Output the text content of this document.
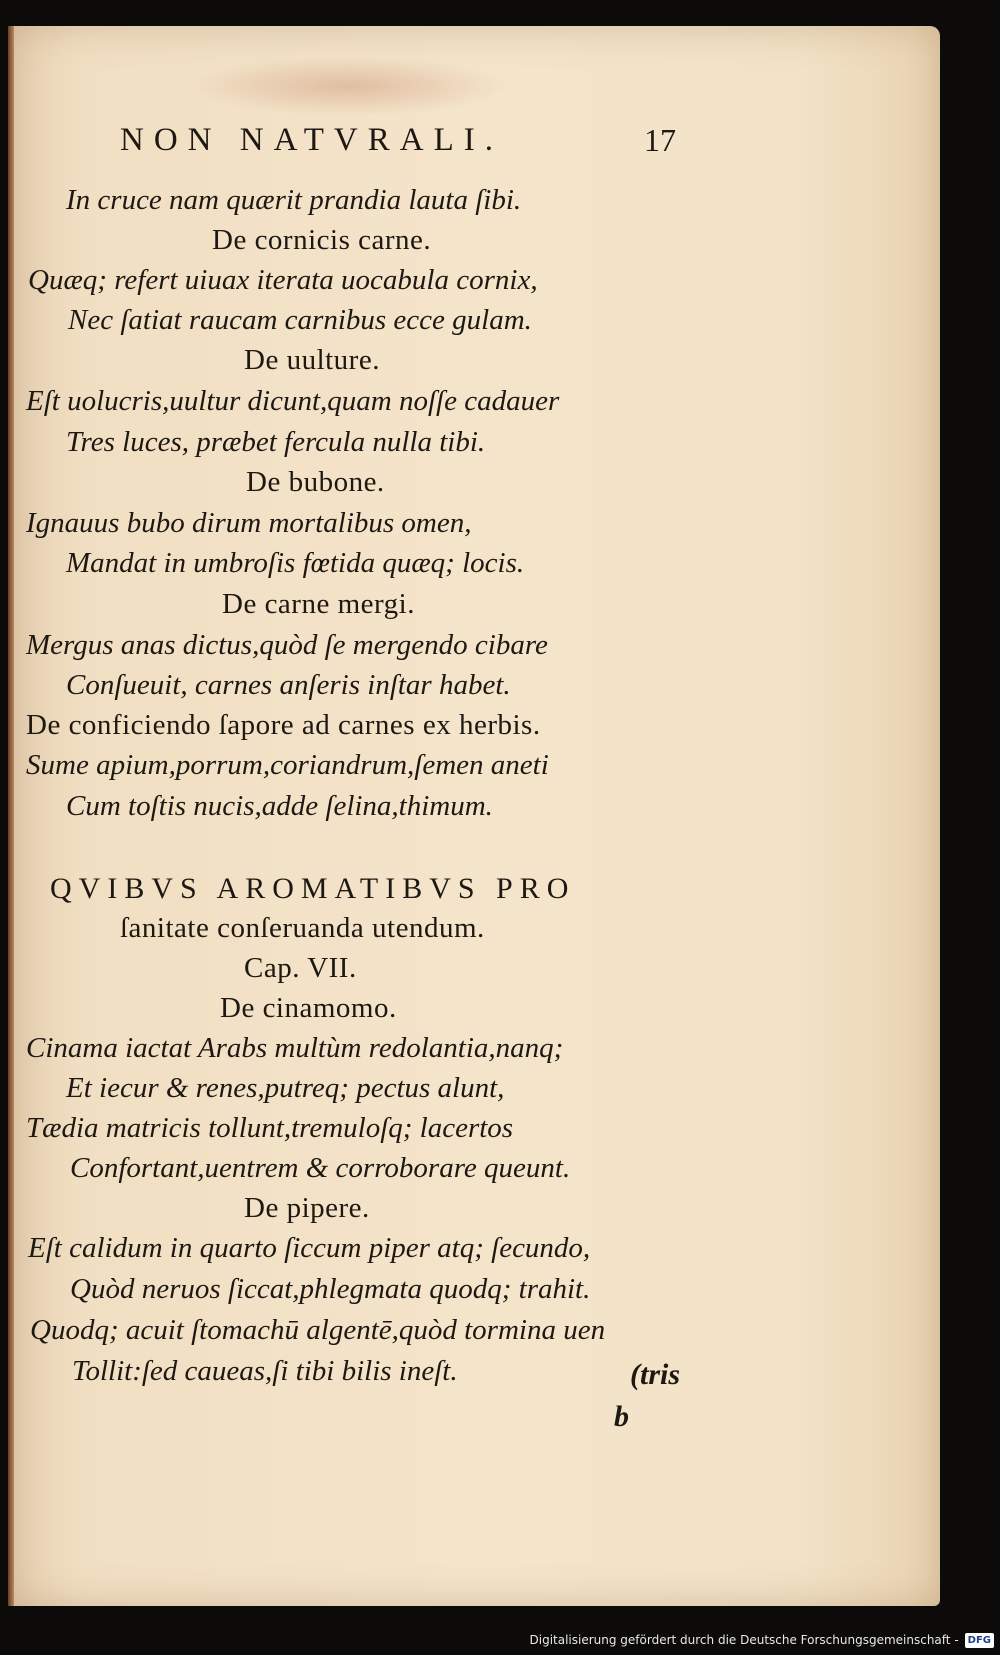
NON NATVRALI.	17
In cruce nam quærit prandia lauta ſibi.
De cornicis carne.
Quæq; refert uiuax iterata uocabula cornix,
Nec ſatiat raucam carnibus ecce gulam.
De uulture.
Eſt uolucris,uultur dicunt,quam noſſe cadauer
Tres luces, præbet fercula nulla tibi.
De bubone.
Ignauus bubo dirum mortalibus omen,
Mandat in umbroſis fœtida quæq; locis.
De carne mergi.
Mergus anas dictus,quòd ſe mergendo cibare
Conſueuit, carnes anſeris inſtar habet.
De conficiendo ſapore ad carnes ex herbis.
Sume apium,porrum,coriandrum,ſemen aneti
Cum toſtis nucis,adde ſelina,thimum.
QVIBVS AROMATIBVS PRO
ſanitate conſeruanda utendum.
Cap. VII.
De cinamomo.
Cinama iactat Arabs multùm redolantia,nanq;
Et iecur & renes,putreq; pectus alunt,
Tædia matricis tollunt,tremuloſq; lacertos
Confortant,uentrem & corroborare queunt.
De pipere.
Eſt calidum in quarto ſiccum piper atq; ſecundo,
Quòd neruos ſiccat,phlegmata quodq; trahit.
Quodq; acuit ſtomachū algentē,quòd tormina uen
Tollit:ſed caueas,ſi tibi bilis ineſt.	(tris
b
Digitalisierung gefördert durch die Deutsche Forschungsgemeinschaft - DFG
